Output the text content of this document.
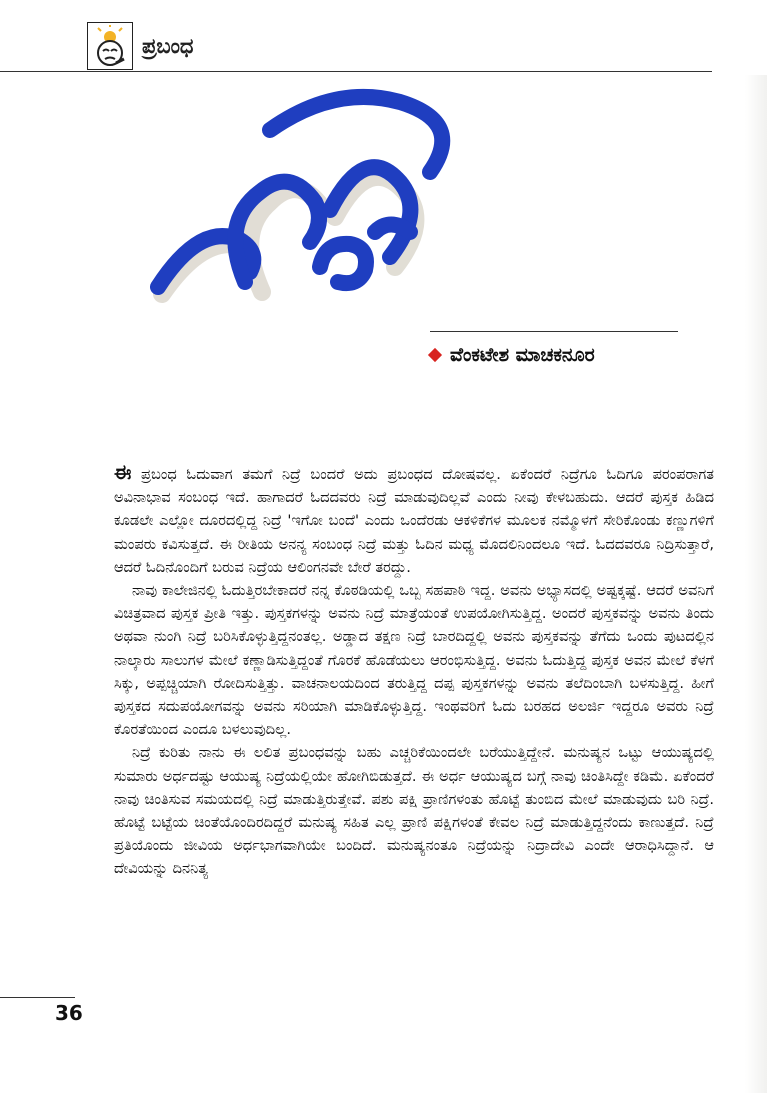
ಪ್ರಬಂಧ
ವೆಂಕಟೇಶ ಮಾಚಕನೂರ

ಈ ಪ್ರಬಂಧ ಓದುವಾಗ ತಮಗೆ ನಿದ್ರೆ ಬಂದರೆ ಅದು ಪ್ರಬಂಧದ ದೋಷವಲ್ಲ. ಏಕೆಂದರೆ ನಿದ್ರೆಗೂ ಓದಿಗೂ ಪರಂಪರಾಗತ ಅವಿನಾಭಾವ ಸಂಬಂಧ ಇದೆ. ಹಾಗಾದರೆ ಓದದವರು ನಿದ್ರೆ ಮಾಡುವುದಿಲ್ಲವೆ ಎಂದು ನೀವು ಕೇಳಬಹುದು. ಆದರೆ ಪುಸ್ತಕ ಹಿಡಿದ ಕೂಡಲೇ ಎಲ್ಲೋ ದೂರದಲ್ಲಿದ್ದ ನಿದ್ರೆ 'ಇಗೋ ಬಂದೆ' ಎಂದು ಒಂದೆರಡು ಆಕಳಿಕೆಗಳ ಮೂಲಕ ನಮ್ಮೊಳಗೆ ಸೇರಿಕೊಂಡು ಕಣ್ಣುಗಳಿಗೆ ಮಂಪರು ಕವಿಸುತ್ತದೆ. ಈ ರೀತಿಯ ಅನನ್ಯ ಸಂಬಂಧ ನಿದ್ರೆ ಮತ್ತು ಓದಿನ ಮಧ್ಯ ಮೊದಲಿನಿಂದಲೂ ಇದೆ. ಓದದವರೂ ನಿದ್ರಿಸುತ್ತಾರೆ, ಆದರೆ ಓದಿನೊಂದಿಗೆ ಬರುವ ನಿದ್ರೆಯ ಆಲಿಂಗನವೇ ಬೇರೆ ತರದ್ದು.

ನಾವು ಕಾಲೇಜಿನಲ್ಲಿ ಓದುತ್ತಿರಬೇಕಾದರೆ ನನ್ನ ಕೊಠಡಿಯಲ್ಲಿ ಒಬ್ಬ ಸಹಪಾಠಿ ಇದ್ದ. ಅವನು ಅಭ್ಯಾಸದಲ್ಲಿ ಅಷ್ಟಕ್ಕಷ್ಟೆ. ಆದರೆ ಅವನಿಗೆ ವಿಚಿತ್ರವಾದ ಪುಸ್ತಕ ಪ್ರೀತಿ ಇತ್ತು. ಪುಸ್ತಕಗಳನ್ನು ಅವನು ನಿದ್ರೆ ಮಾತ್ರೆಯಂತೆ ಉಪಯೋಗಿಸುತ್ತಿದ್ದ. ಅಂದರೆ ಪುಸ್ತಕವನ್ನು ಅವನು ತಿಂದು ಅಥವಾ ನುಂಗಿ ನಿದ್ರೆ ಬರಿಸಿಕೊಳ್ಳುತ್ತಿದ್ದನಂತಲ್ಲ. ಅಡ್ಡಾದ ತಕ್ಷಣ ನಿದ್ರೆ ಬಾರದಿದ್ದಲ್ಲಿ ಅವನು ಪುಸ್ತಕವನ್ನು ತೆಗೆದು ಒಂದು ಪುಟದಲ್ಲಿನ ನಾಲ್ಕಾರು ಸಾಲುಗಳ ಮೇಲೆ ಕಣ್ಣಾಡಿಸುತ್ತಿದ್ದಂತೆ ಗೊರಕೆ ಹೊಡೆಯಲು ಆರಂಭಿಸುತ್ತಿದ್ದ. ಅವನು ಓದುತ್ತಿದ್ದ ಪುಸ್ತಕ ಅವನ ಮೇಲೆ ಕೆಳಗೆ ಸಿಕ್ಕು, ಅಪ್ಪಚ್ಚಿಯಾಗಿ ರೋದಿಸುತ್ತಿತ್ತು. ವಾಚನಾಲಯದಿಂದ ತರುತ್ತಿದ್ದ ದಪ್ಪ ಪುಸ್ತಕಗಳನ್ನು ಅವನು ತಲೆದಿಂಬಾಗಿ ಬಳಸುತ್ತಿದ್ದ. ಹೀಗೆ ಪುಸ್ತಕದ ಸದುಪಯೋಗವನ್ನು ಅವನು ಸರಿಯಾಗಿ ಮಾಡಿಕೊಳ್ಳುತ್ತಿದ್ದ. ಇಂಥವರಿಗೆ ಓದು ಬರಹದ ಅಲರ್ಜಿ ಇದ್ದರೂ ಅವರು ನಿದ್ರೆ ಕೊರತೆಯಿಂದ ಎಂದೂ ಬಳಲುವುದಿಲ್ಲ.

ನಿದ್ರೆ ಕುರಿತು ನಾನು ಈ ಲಲಿತ ಪ್ರಬಂಧವನ್ನು ಬಹು ಎಚ್ಚರಿಕೆಯಿಂದಲೇ ಬರೆಯುತ್ತಿದ್ದೇನೆ. ಮನುಷ್ಯನ ಒಟ್ಟು ಆಯುಷ್ಯದಲ್ಲಿ ಸುಮಾರು ಅರ್ಧದಷ್ಟು ಆಯುಷ್ಯ ನಿದ್ರೆಯಲ್ಲಿಯೇ ಹೋಗಿಬಿಡುತ್ತದೆ. ಈ ಅರ್ಧ ಆಯುಷ್ಯದ ಬಗ್ಗೆ ನಾವು ಚಿಂತಿಸಿದ್ದೇ ಕಡಿಮೆ. ಏಕೆಂದರೆ ನಾವು ಚಿಂತಿಸುವ ಸಮಯದಲ್ಲಿ ನಿದ್ರೆ ಮಾಡುತ್ತಿರುತ್ತೇವೆ. ಪಶು ಪಕ್ಷಿ ಪ್ರಾಣಿಗಳಂತು ಹೊಟ್ಟೆ ತುಂಬಿದ ಮೇಲೆ ಮಾಡುವುದು ಬರಿ ನಿದ್ರೆ. ಹೊಟ್ಟೆ ಬಟ್ಟೆಯ ಚಿಂತೆಯೊಂದಿರದಿದ್ದರೆ ಮನುಷ್ಯ ಸಹಿತ ಎಲ್ಲ ಪ್ರಾಣಿ ಪಕ್ಷಿಗಳಂತೆ ಕೇವಲ ನಿದ್ರೆ ಮಾಡುತ್ತಿದ್ದನೆಂದು ಕಾಣುತ್ತದೆ. ನಿದ್ರೆ ಪ್ರತಿಯೊಂದು ಜೀವಿಯ ಅರ್ಧಭಾಗವಾಗಿಯೇ ಬಂದಿದೆ. ಮನುಷ್ಯನಂತೂ ನಿದ್ರೆಯನ್ನು ನಿದ್ರಾದೇವಿ ಎಂದೇ ಆರಾಧಿಸಿದ್ದಾನೆ. ಆ ದೇವಿಯನ್ನು ದಿನನಿತ್ಯ

36
